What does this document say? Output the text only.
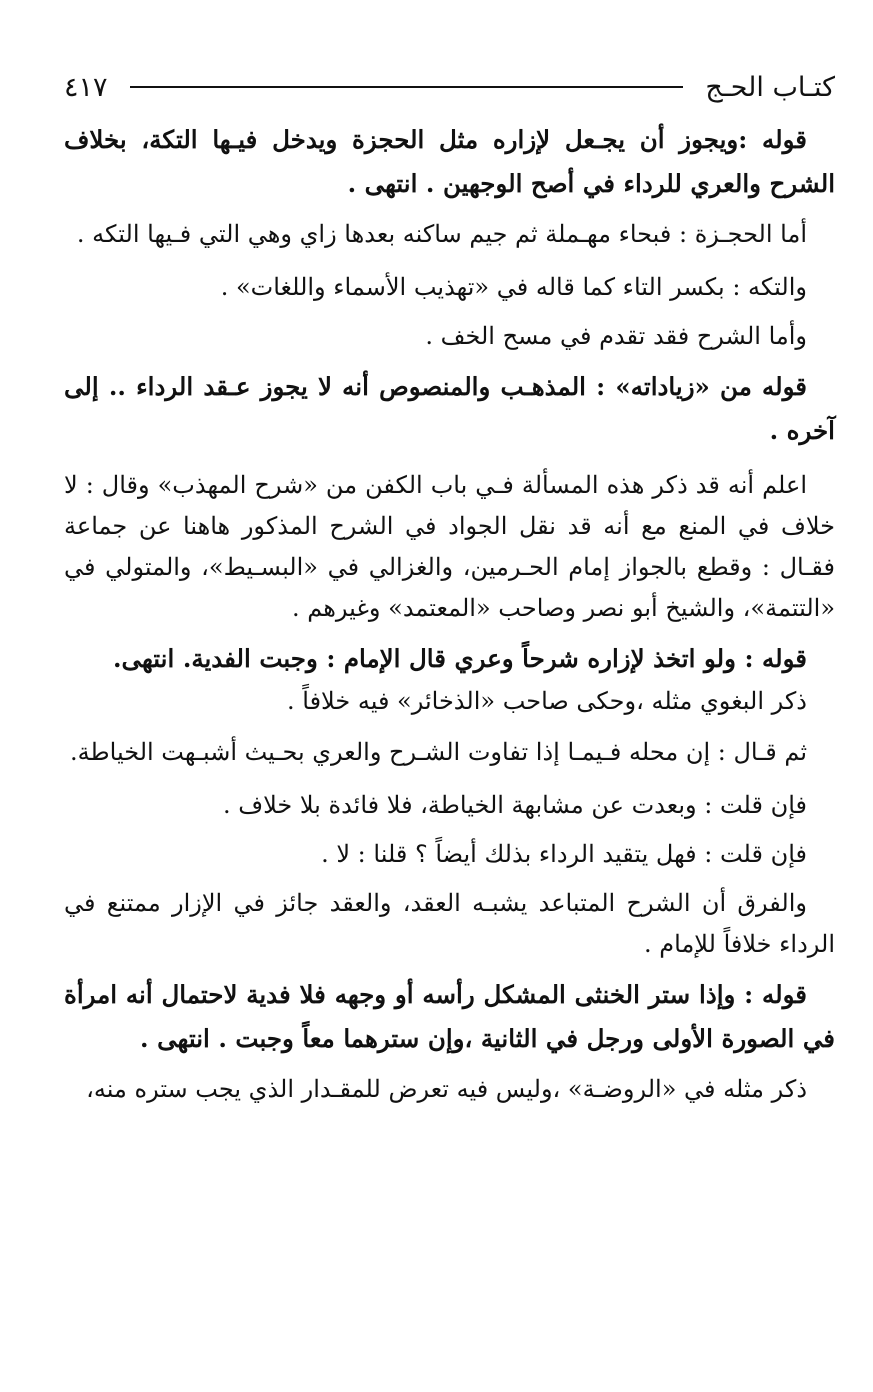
كتـاب الحـج
٤١٧

قوله :ويجوز أن يجـعل لإزاره مثل الحجزة ويدخل فيـها التكة، بخلاف الشرح والعري للرداء في أصح الوجهين . انتهى .

أما الحجـزة : فبحاء مهـملة ثم جيم ساكنه بعدها زاي وهي التي فـيها التكه .

والتكه : بكسر التاء كما قاله في «تهذيب الأسماء واللغات» .

وأما الشرح فقد تقدم في مسح الخف .

قوله من «زياداته» : المذهـب والمنصوص أنه لا يجوز عـقد الرداء .. إلى آخره .

اعلم أنه قد ذكر هذه المسألة فـي باب الكفن من «شرح المهذب» وقال : لا خلاف في المنع مع أنه قد نقل الجواد في الشرح المذكور هاهنا عن جماعة فقـال : وقطع بالجواز إمام الحـرمين، والغزالي في «البسـيط»، والمتولي في «التتمة»، والشيخ أبو نصر وصاحب «المعتمد» وغيرهم .

قوله : ولو اتخذ لإزاره شرحاً وعري قال الإمام : وجبت الفدية. انتهى.

ذكر البغوي مثله ،وحكى صاحب «الذخائر» فيه خلافاً .

ثم قـال : إن محله فـيمـا إذا تفاوت الشـرح والعري بحـيث أشبـهت الخياطة.

فإن قلت : وبعدت عن مشابهة الخياطة، فلا فائدة بلا خلاف .

فإن قلت : فهل يتقيد الرداء بذلك أيضاً ؟ قلنا : لا .

والفرق أن الشرح المتباعد يشبـه العقد، والعقد جائز في الإزار ممتنع في الرداء خلافاً للإمام .

قوله : وإذا ستر الخنثى المشكل رأسه أو وجهه فلا فدية لاحتمال أنه امرأة في الصورة الأولى ورجل في الثانية ،وإن سترهما معاً وجبت . انتهى .

ذكر مثله في «الروضـة» ،وليس فيه تعرض للمقـدار الذي يجب ستره منه،
